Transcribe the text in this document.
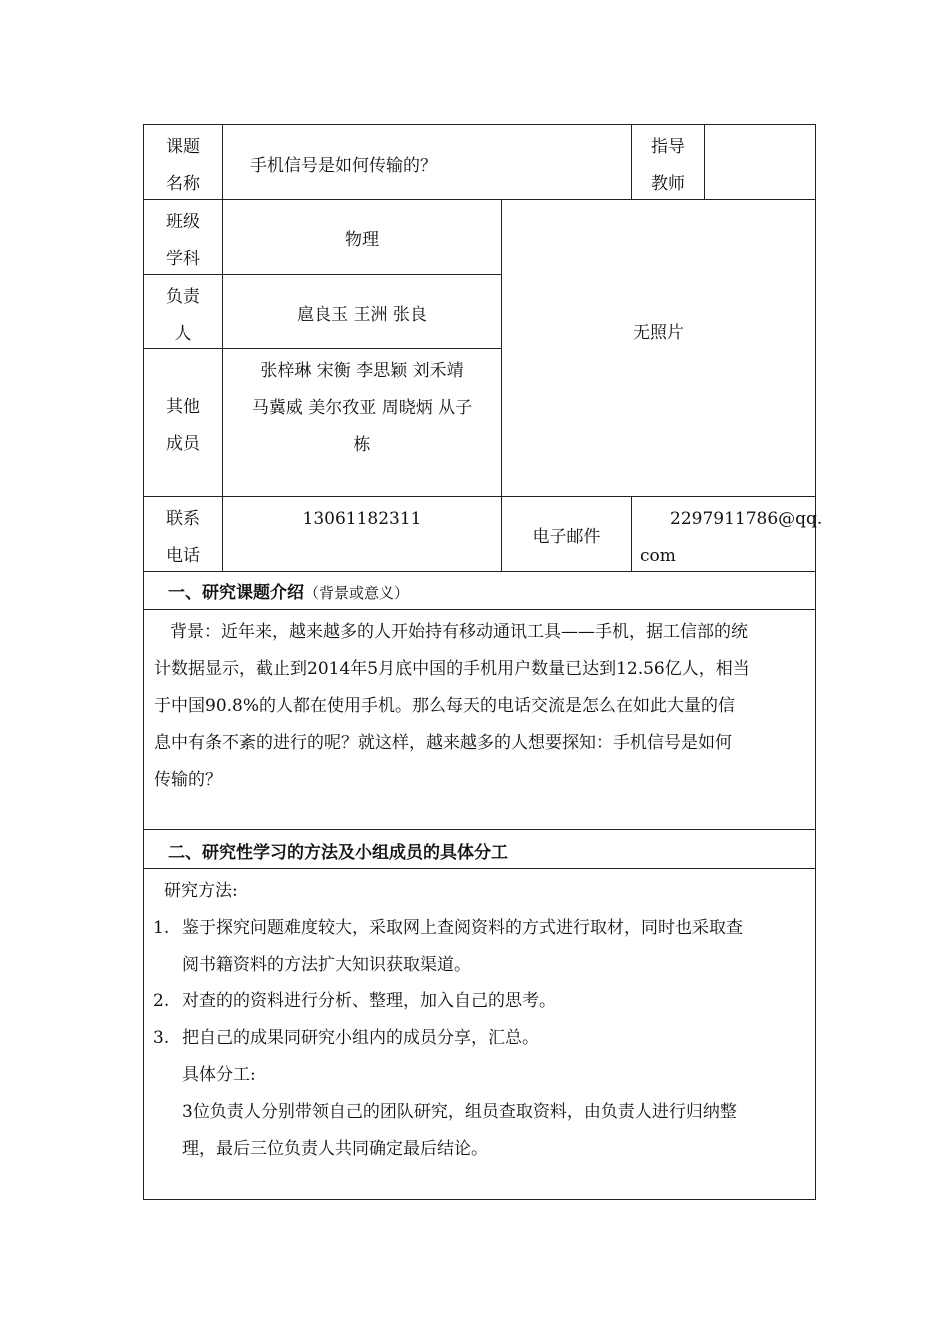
课题
名称
手机信号是如何传输的？
指导
教师
班级
学科
物理
负责
人
扈良玉 王洲 张良
其他
成员
张梓琳 宋衡 李思颖 刘禾靖
马冀威 美尔孜亚 周晓炳 从子
栋
无照片
联系
电话
13061182311
电子邮件
2297911786@qq.
com
一、研究课题介绍（背景或意义）
背景：近年来，越来越多的人开始持有移动通讯工具——手机，据工信部的统
计数据显示，截止到2014年5月底中国的手机用户数量已达到12.56亿人，相当
于中国90.8%的人都在使用手机。那么每天的电话交流是怎么在如此大量的信
息中有条不紊的进行的呢？就这样，越来越多的人想要探知：手机信号是如何
传输的？
二、研究性学习的方法及小组成员的具体分工
研究方法:
1. 鉴于探究问题难度较大，采取网上查阅资料的方式进行取材，同时也采取查
阅书籍资料的方法扩大知识获取渠道。
2. 对查的的资料进行分析、整理，加入自己的思考。
3. 把自己的成果同研究小组内的成员分享，汇总。
具体分工:
3位负责人分别带领自己的团队研究，组员查取资料，由负责人进行归纳整
理，最后三位负责人共同确定最后结论。
